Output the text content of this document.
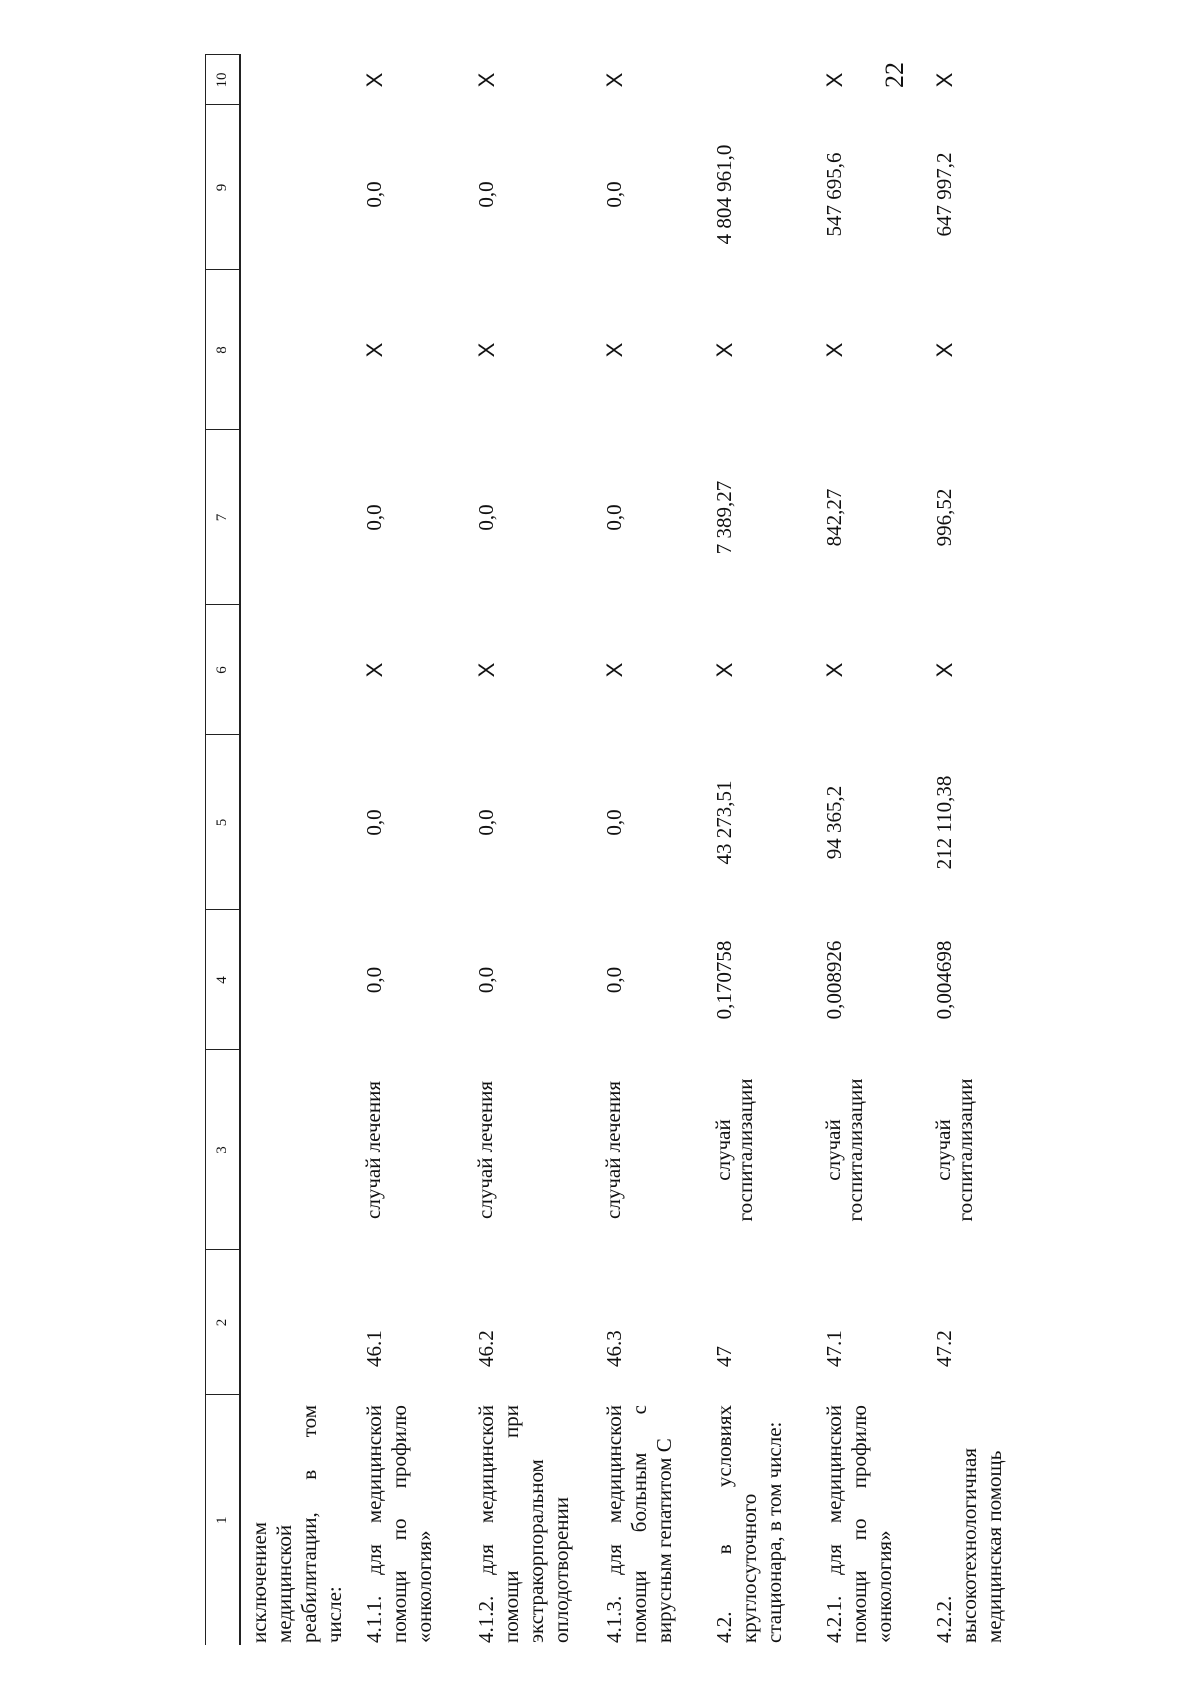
22
1	2	3	4	5	6	7	8	9	10
исключением медицинской реабилитации, в том числе:									
4.1.1. для медицинской помощи по профилю «онкология»	46.1	случай лечения	0,0	0,0	X	0,0	X	0,0	X
4.1.2. для медицинской помощи при экстракорпоральном оплодотворении	46.2	случай лечения	0,0	0,0	X	0,0	X	0,0	X
4.1.3. для медицинской помощи больным с вирусным гепатитом С	46.3	случай лечения	0,0	0,0	X	0,0	X	0,0	X
4.2. в условиях круглосуточного стационара, в том числе:	47	случай госпитализации	0,170758	43 273,51	X	7 389,27	X	4 804 961,0	
4.2.1. для медицинской помощи по профилю «онкология»	47.1	случай госпитализации	0,008926	94 365,2	X	842,27	X	547 695,6	X
4.2.2. высокотехнологичная медицинская помощь	47.2	случай госпитализации	0,004698	212 110,38	X	996,52	X	647 997,2	X
